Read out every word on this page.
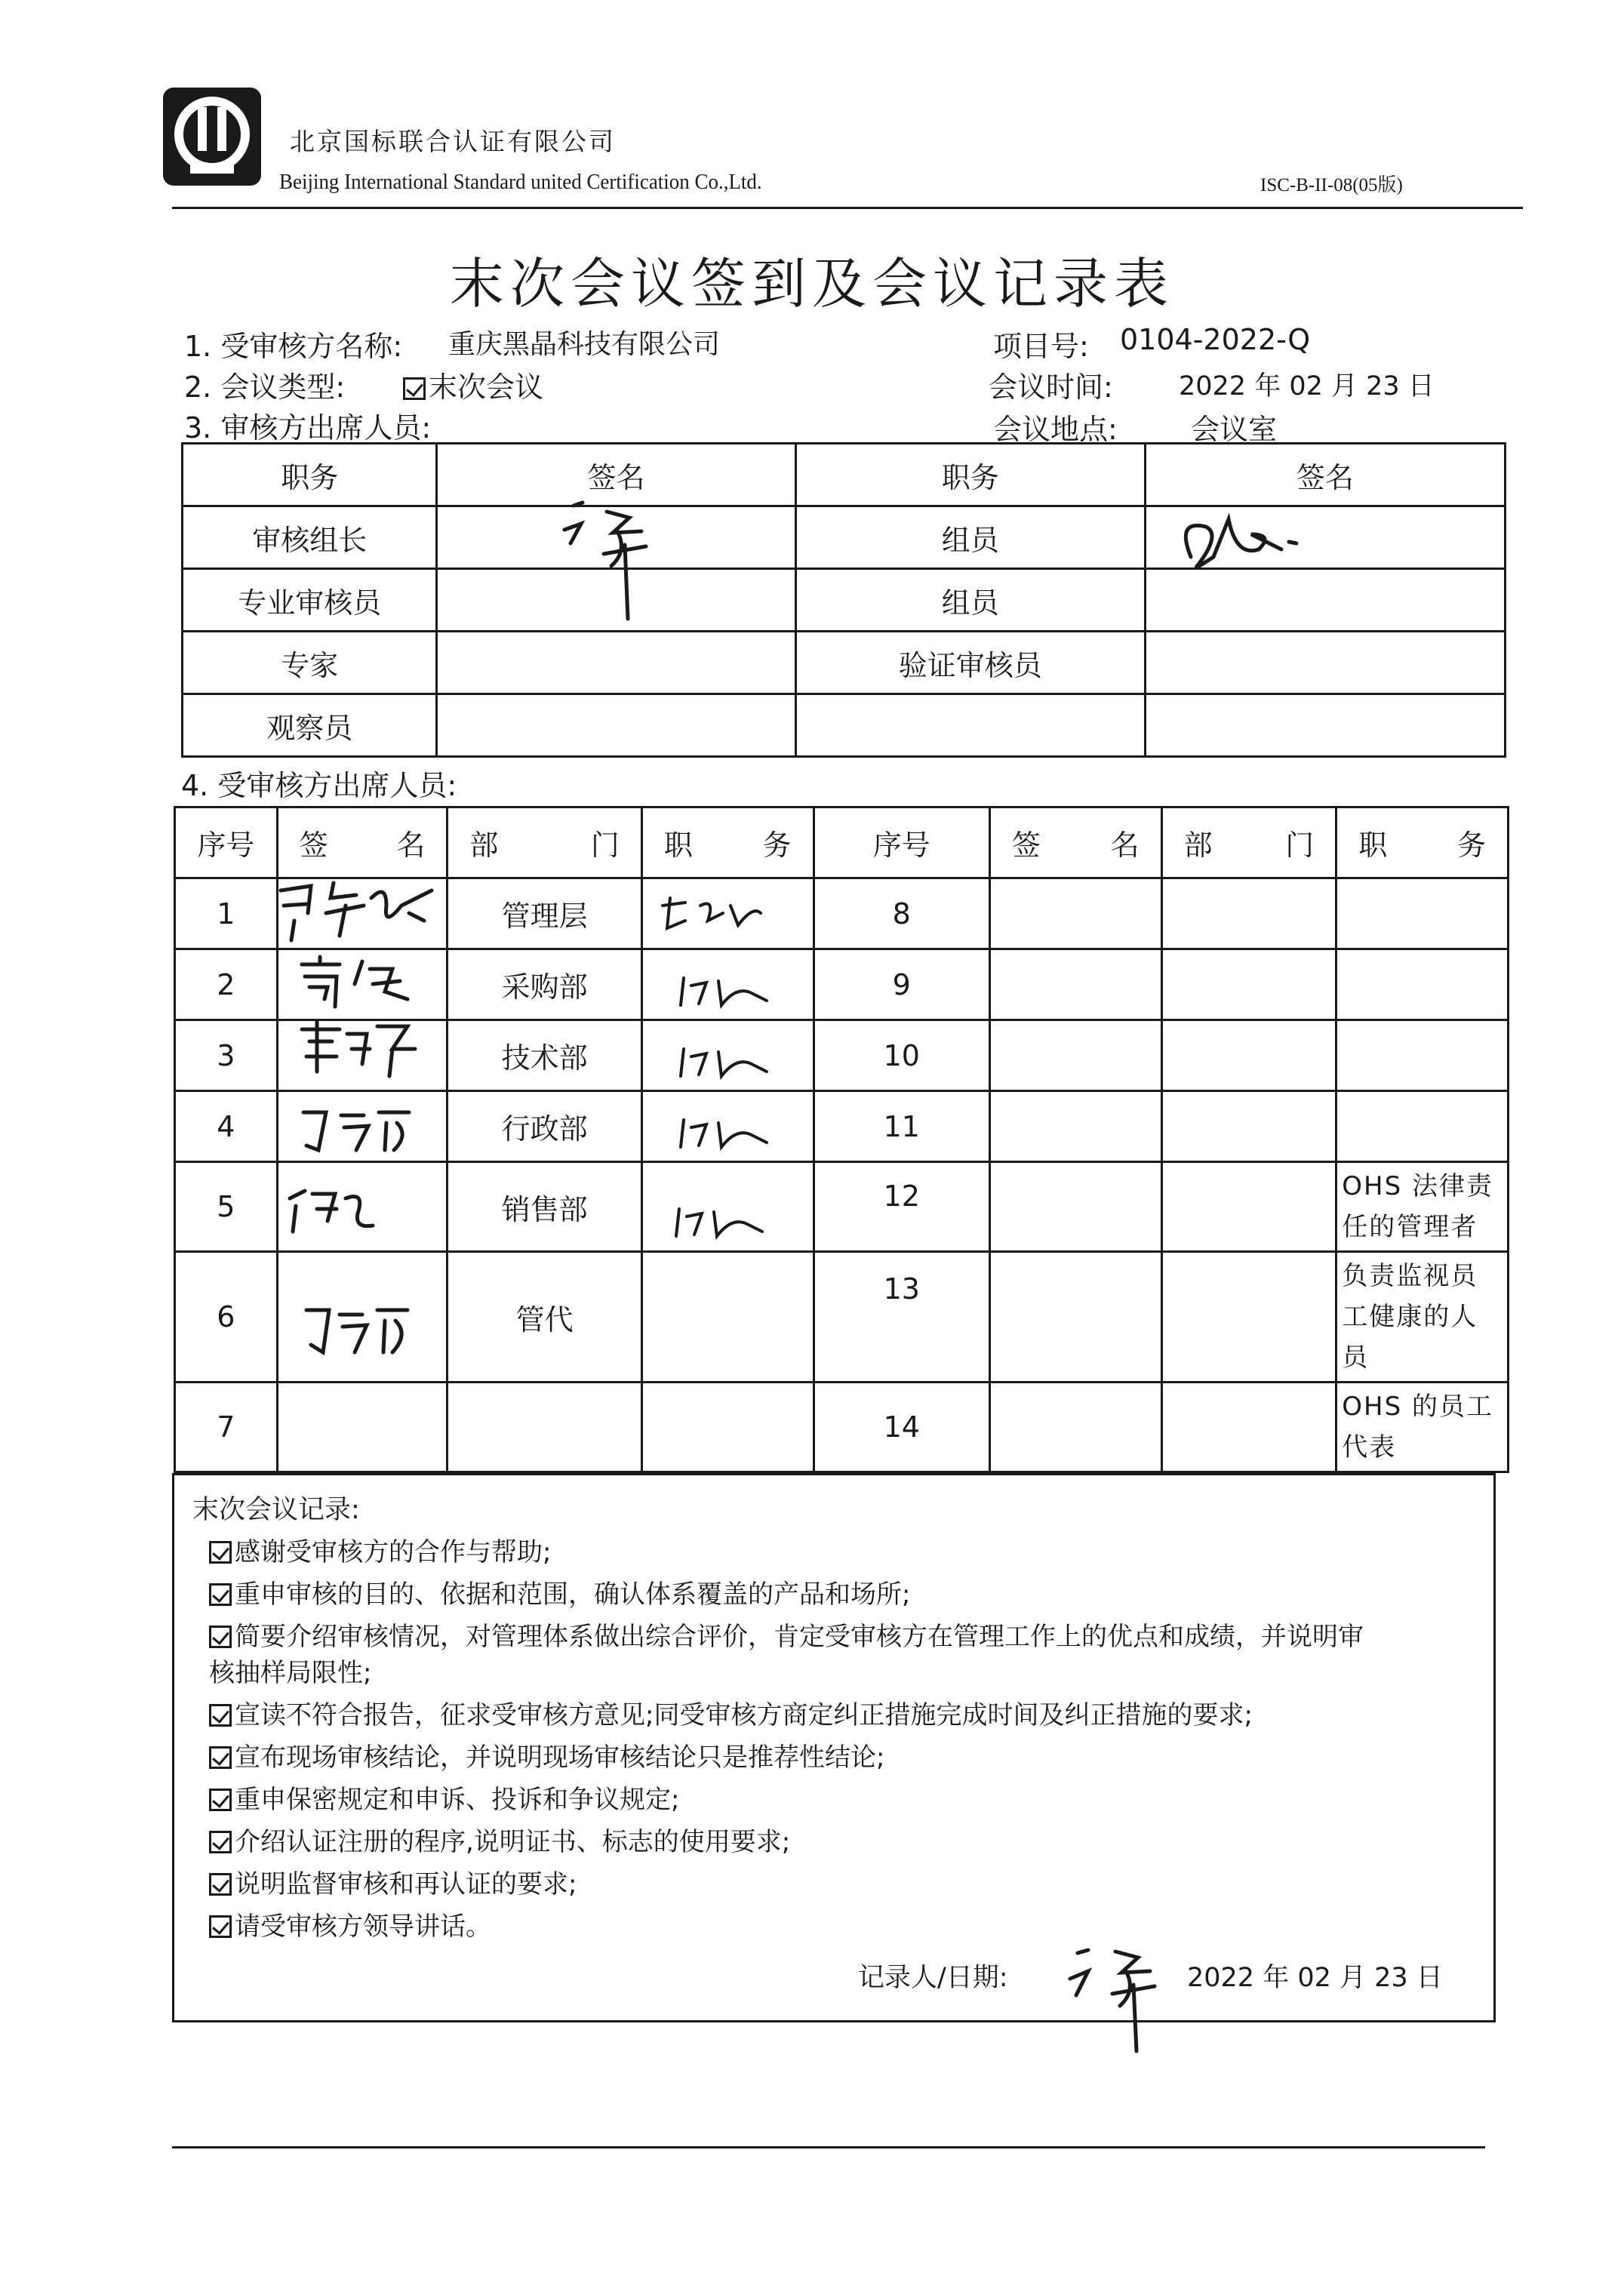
北京国标联合认证有限公司
Beijing International Standard united Certification Co.,Ltd.	ISC-B-II-08(05版)
末次会议签到及会议记录表
1. 受审核方名称: 重庆黑晶科技有限公司	项目号: 0104-2022-Q
2. 会议类型:	末次会议	会议时间: 2022 年 02 月 23 日
3. 审核方出席人员:	会议地点:	会议室
职务	签名	职务	签名
审核组长		组员	
专业审核员		组员	
专家		验证审核员	
观察员			
4. 受审核方出席人员:
序号	签 名	部 门	职 务	序号	签 名	部 门	职 务

1		管理层		8			
2		采购部		9			
3		技术部		10			
4		行政部		11			
5		销售部		12			OHS 法律责任的管理者
6		管代		13			负责监视员工健康的人员
7				14			OHS 的员工代表
末次会议记录:
感谢受审核方的合作与帮助;
重申审核的目的、依据和范围，确认体系覆盖的产品和场所;
简要介绍审核情况，对管理体系做出综合评价，肯定受审核方在管理工作上的优点和成绩，并说明审
核抽样局限性;
宣读不符合报告，征求受审核方意见;同受审核方商定纠正措施完成时间及纠正措施的要求;
宣布现场审核结论，并说明现场审核结论只是推荐性结论;
重申保密规定和申诉、投诉和争议规定;
介绍认证注册的程序,说明证书、标志的使用要求;
说明监督审核和再认证的要求;
请受审核方领导讲话。
记录人/日期:	2022 年 02 月 23 日
